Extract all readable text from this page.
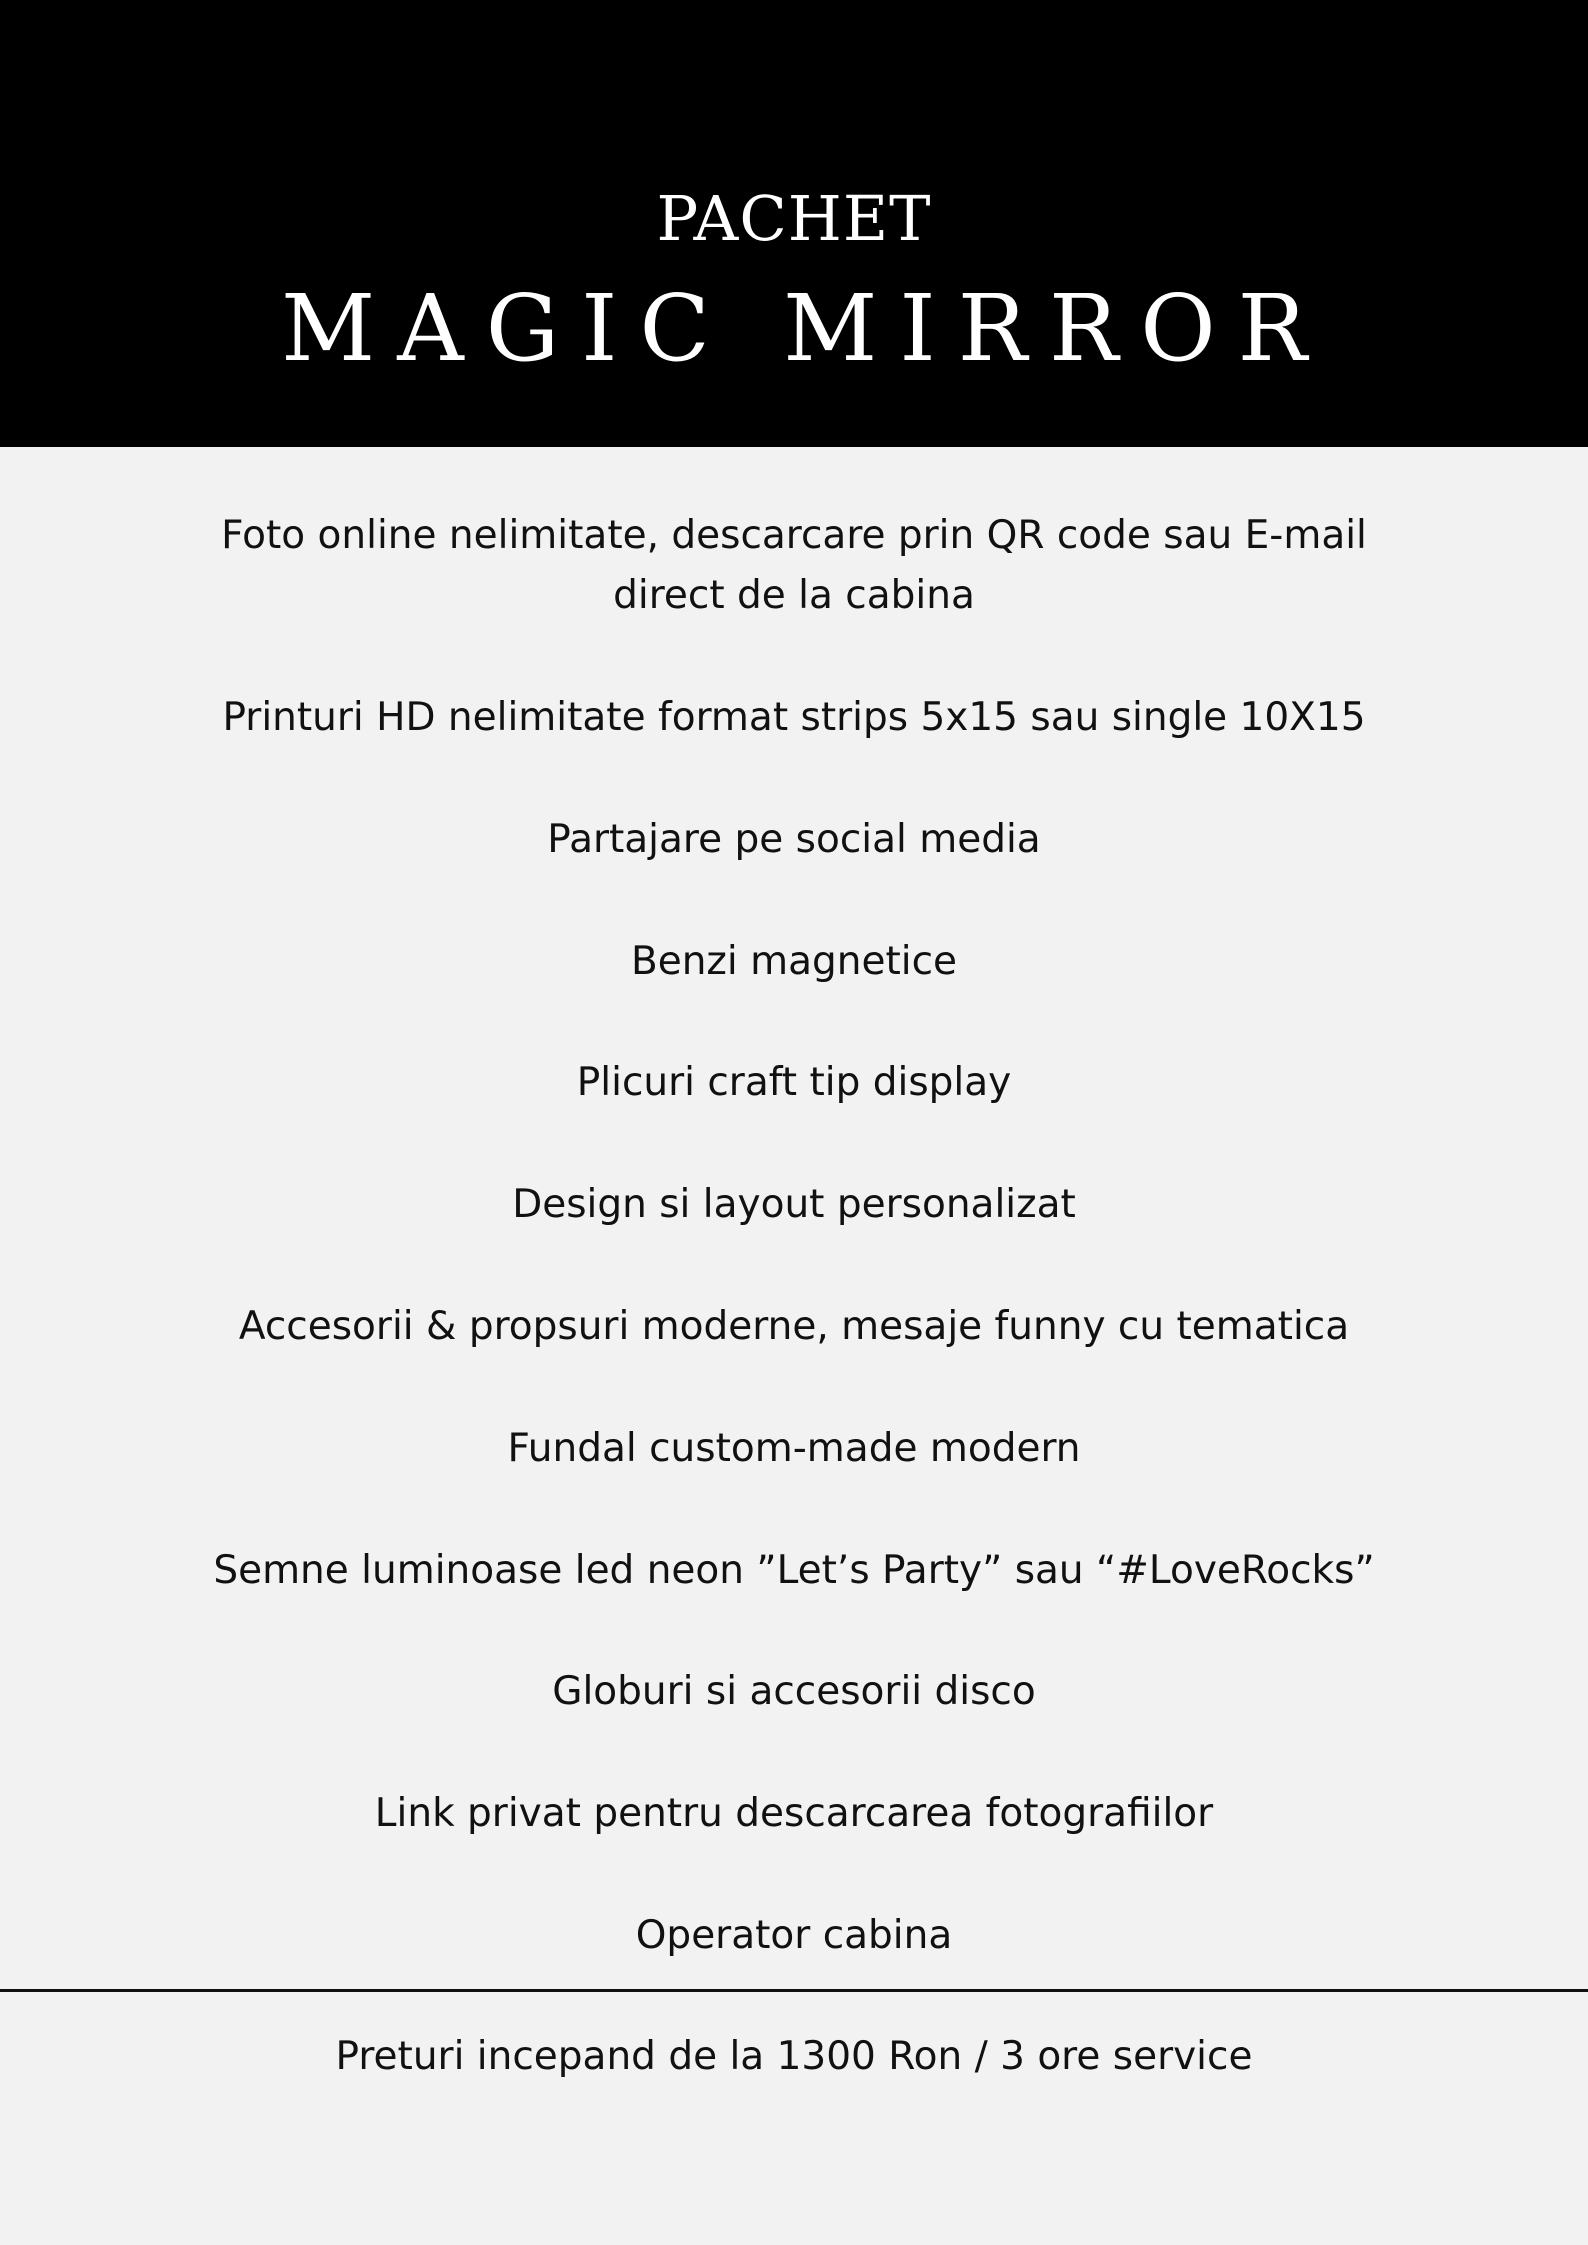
PACHET
MAGIC MIRROR
Foto online nelimitate, descarcare prin QR code sau E-mail
direct de la cabina
Printuri HD nelimitate format strips 5x15 sau single 10X15
Partajare pe social media
Benzi magnetice
Plicuri craft tip display
Design si layout personalizat
Accesorii & propsuri moderne, mesaje funny cu tematica
Fundal custom-made modern
Semne luminoase led neon ”Let’s Party” sau “#LoveRocks”
Globuri si accesorii disco
Link privat pentru descarcarea fotografiilor
Operator cabina
Preturi incepand de la 1300 Ron / 3 ore service
